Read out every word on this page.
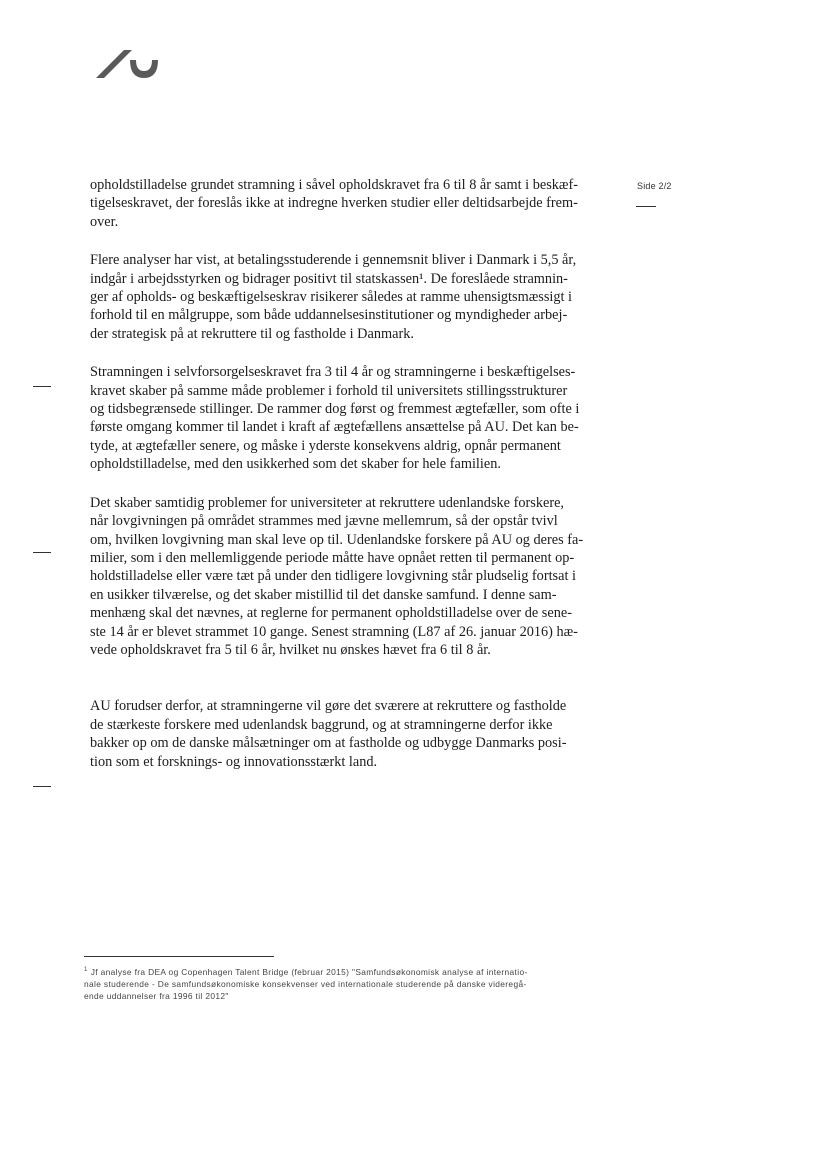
Side 2/2

opholdstilladelse grundet stramning i såvel opholdskravet fra 6 til 8 år samt i beskæf-
tigelseskravet, der foreslås ikke at indregne hverken studier eller deltidsarbejde frem-
over.

Flere analyser har vist, at betalingsstuderende i gennemsnit bliver i Danmark i 5,5 år,
indgår i arbejdsstyrken og bidrager positivt til statskassen¹. De foreslåede stramnin-
ger af opholds- og beskæftigelseskrav risikerer således at ramme uhensigtsmæssigt i
forhold til en målgruppe, som både uddannelsesinstitutioner og myndigheder arbej-
der strategisk på at rekruttere til og fastholde i Danmark.

Stramningen i selvforsorgelseskravet fra 3 til 4 år og stramningerne i beskæftigelses-
kravet skaber på samme måde problemer i forhold til universitets stillingsstrukturer
og tidsbegrænsede stillinger. De rammer dog først og fremmest ægtefæller, som ofte i
første omgang kommer til landet i kraft af ægtefællens ansættelse på AU. Det kan be-
tyde, at ægtefæller senere, og måske i yderste konsekvens aldrig, opnår permanent
opholdstilladelse, med den usikkerhed som det skaber for hele familien.

Det skaber samtidig problemer for universiteter at rekruttere udenlandske forskere,
når lovgivningen på området strammes med jævne mellemrum, så der opstår tvivl
om, hvilken lovgivning man skal leve op til. Udenlandske forskere på AU og deres fa-
milier, som i den mellemliggende periode måtte have opnået retten til permanent op-
holdstilladelse eller være tæt på under den tidligere lovgivning står pludselig fortsat i
en usikker tilværelse, og det skaber mistillid til det danske samfund. I denne sam-
menhæng skal det nævnes, at reglerne for permanent opholdstilladelse over de sene-
ste 14 år er blevet strammet 10 gange. Senest stramning (L87 af 26. januar 2016) hæ-
vede opholdskravet fra 5 til 6 år, hvilket nu ønskes hævet fra 6 til 8 år.

AU forudser derfor, at stramningerne vil gøre det sværere at rekruttere og fastholde
de stærkeste forskere med udenlandsk baggrund, og at stramningerne derfor ikke
bakker op om de danske målsætninger om at fastholde og udbygge Danmarks posi-
tion som et forsknings- og innovationsstærkt land.

$^1$ Jf analyse fra DEA og Copenhagen Talent Bridge (februar 2015) "Samfundsøkonomisk analyse af internatio-
nale studerende - De samfundsøkonomiske konsekvenser ved internationale studerende på danske videregå-
ende uddannelser fra 1996 til 2012"
